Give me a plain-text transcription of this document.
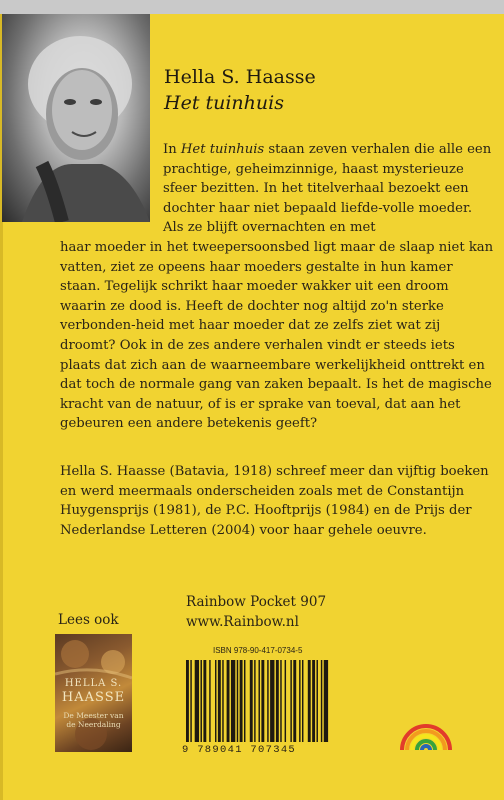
Hella S. Haasse
Het tuinhuis
In Het tuinhuis staan zeven verhalen die alle een prachtige, geheimzinnige, haast mysterieuze sfeer bezitten. In het titelverhaal bezoekt een dochter haar niet bepaald liefde-volle moeder. Als ze blijft overnachten en met
haar moeder in het tweepersoonsbed ligt maar de slaap niet kan vatten, ziet ze opeens haar moeders gestalte in hun kamer staan. Tegelijk schrikt haar moeder wakker uit een droom waarin ze dood is. Heeft de dochter nog altijd zo'n sterke verbonden-heid met haar moeder dat ze zelfs ziet wat zij droomt? Ook in de zes andere verhalen vindt er steeds iets plaats dat zich aan de waarneembare werkelijkheid onttrekt en dat toch de normale gang van zaken bepaalt. Is het de magische kracht van de natuur, of is er sprake van toeval, dat aan het gebeuren een andere betekenis geeft?
Hella S. Haasse (Batavia, 1918) schreef meer dan vijftig boeken en werd meermaals onderscheiden zoals met de Constantijn Huygensprijs (1981), de P.C. Hooftprijs (1984) en de Prijs der Nederlandse Letteren (2004) voor haar gehele oeuvre.
Rainbow Pocket 907
www.Rainbow.nl
Lees ook
HELLA S.
HAASSE
De Meester van de Neerdaling
ISBN 978-90-417-0734-5
9 789041 707345
